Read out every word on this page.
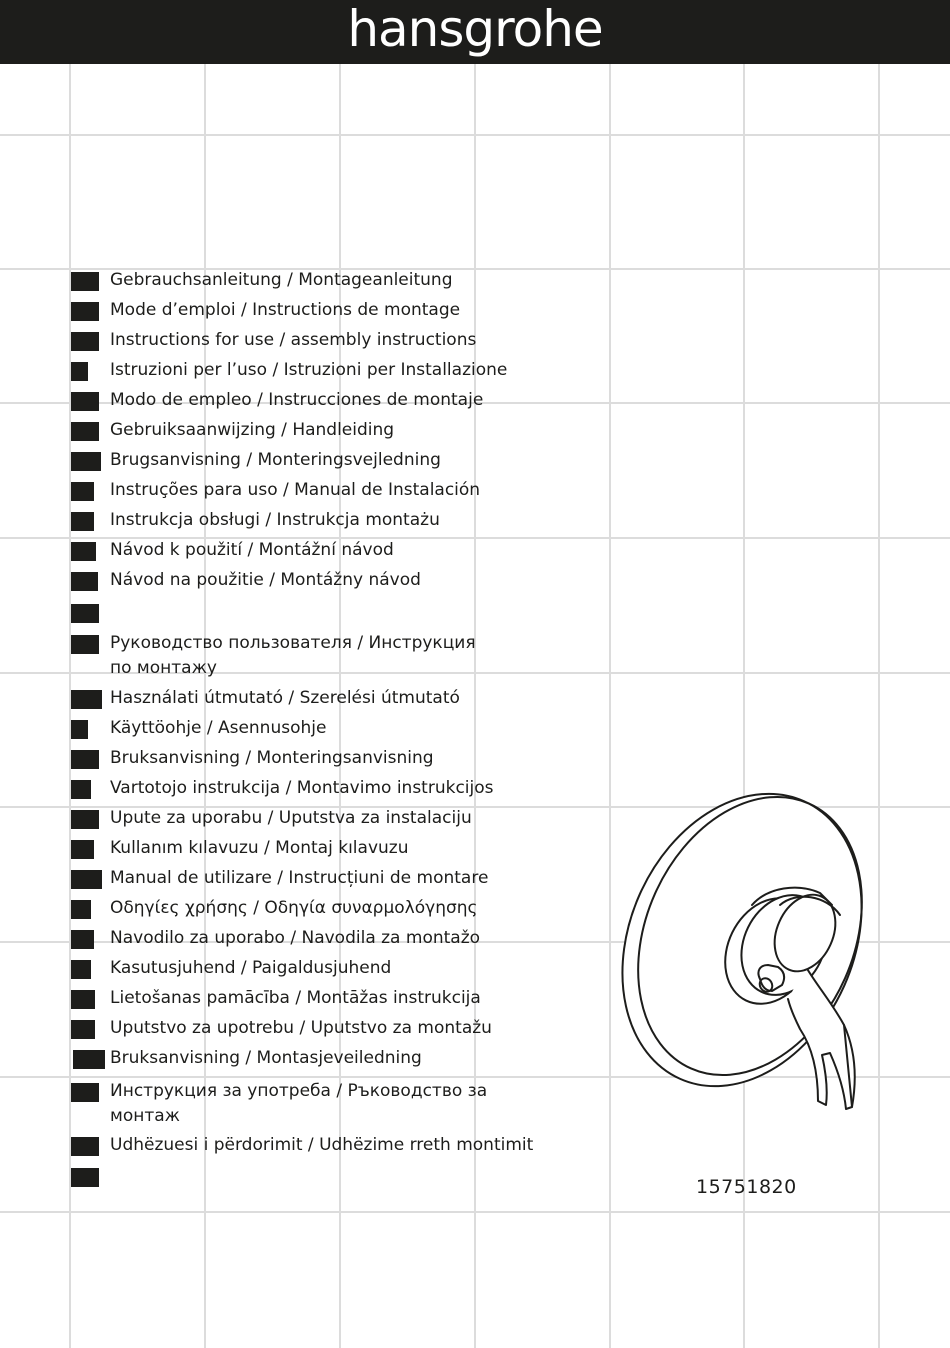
hansgrohe
Gebrauchsanleitung / Montageanleitung
Mode d’emploi / Instructions de montage
Instructions for use / assembly instructions
Istruzioni per l’uso / Istruzioni per Installazione
Modo de empleo / Instrucciones de montaje
Gebruiksaanwijzing / Handleiding
Brugsanvisning / Monteringsvejledning
Instruções para uso / Manual de Instalación
Instrukcja obsługi / Instrukcja montażu
Návod k použití / Montážní návod
Návod na použitie / Montážny návod
Руководство пользователя / Инструкция по монтажу
Használati útmutató / Szerelési útmutató
Käyttöohje / Asennusohje
Bruksanvisning / Monteringsanvisning
Vartotojo instrukcija / Montavimo instrukcijos
Upute za uporabu / Uputstva za instalaciju
Kullanım kılavuzu / Montaj kılavuzu
Manual de utilizare / Instrucțiuni de montare
Οδηγίες χρήσης / Οδηγία συναρμολόγησης
Navodilo za uporabo / Navodila za montažo
Kasutusjuhend / Paigaldusjuhend
Lietošanas pamācība / Montāžas instrukcija
Uputstvo za upotrebu / Uputstvo za montažu
Bruksanvisning / Montasjeveiledning
Инструкция за употреба / Ръководство за монтаж
Udhëzuesi i përdorimit / Udhëzime rreth montimit
15751820
